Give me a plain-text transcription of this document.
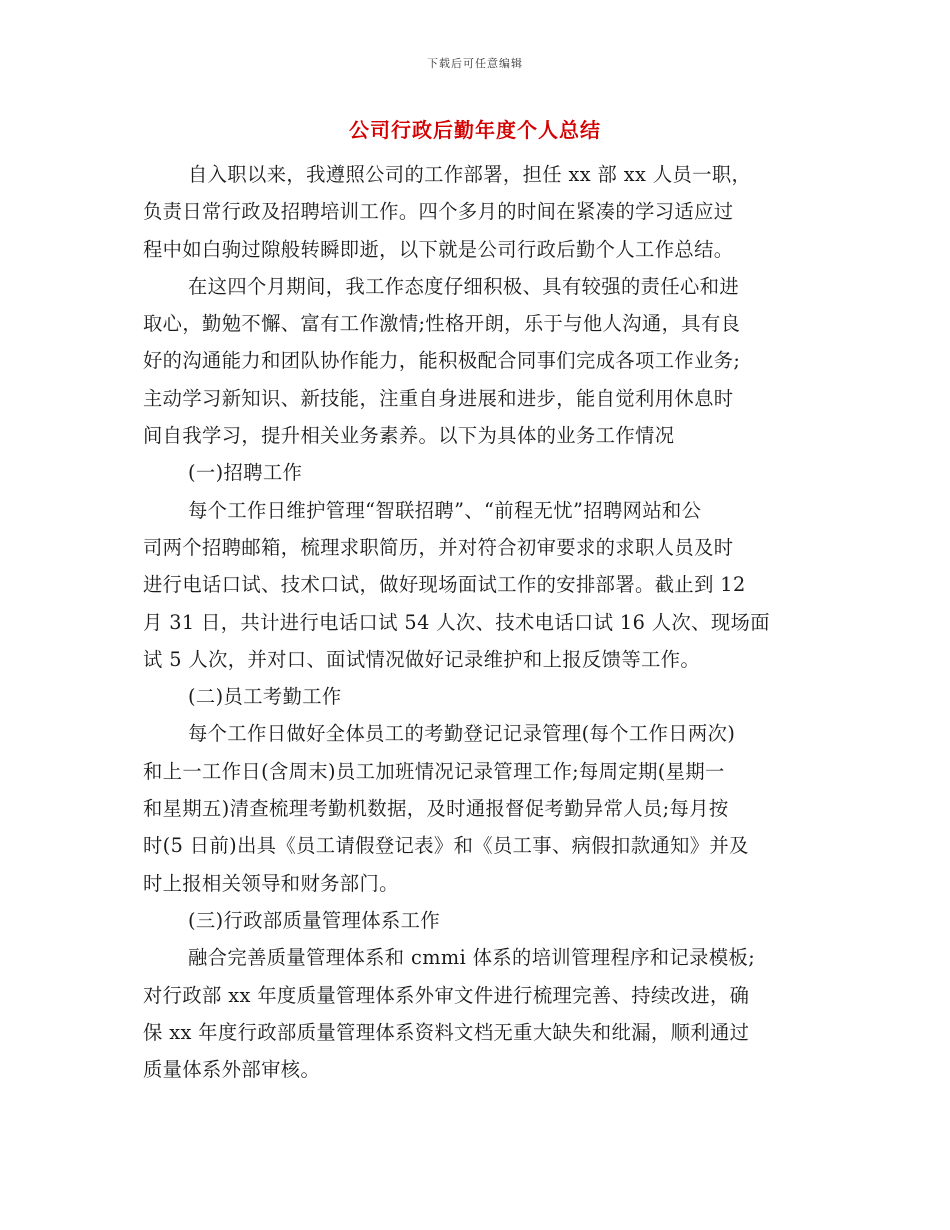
下载后可任意编辑
公司行政后勤年度个人总结
自入职以来，我遵照公司的工作部署，担任 xx 部 xx 人员一职，
负责日常行政及招聘培训工作。四个多月的时间在紧凑的学习适应过
程中如白驹过隙般转瞬即逝，以下就是公司行政后勤个人工作总结。
在这四个月期间，我工作态度仔细积极、具有较强的责任心和进
取心，勤勉不懈、富有工作激情;性格开朗，乐于与他人沟通，具有良
好的沟通能力和团队协作能力，能积极配合同事们完成各项工作业务;
主动学习新知识、新技能，注重自身进展和进步，能自觉利用休息时
间自我学习，提升相关业务素养。以下为具体的业务工作情况
(一)招聘工作
每个工作日维护管理“智联招聘”、“前程无忧”招聘网站和公
司两个招聘邮箱，梳理求职简历，并对符合初审要求的求职人员及时
进行电话口试、技术口试，做好现场面试工作的安排部署。截止到 12
月 31 日，共计进行电话口试 54 人次、技术电话口试 16 人次、现场面
试 5 人次，并对口、面试情况做好记录维护和上报反馈等工作。
(二)员工考勤工作
每个工作日做好全体员工的考勤登记记录管理(每个工作日两次)
和上一工作日(含周末)员工加班情况记录管理工作;每周定期(星期一
和星期五)清查梳理考勤机数据，及时通报督促考勤异常人员;每月按
时(5 日前)出具《员工请假登记表》和《员工事、病假扣款通知》并及
时上报相关领导和财务部门。
(三)行政部质量管理体系工作
融合完善质量管理体系和 cmmi 体系的培训管理程序和记录模板;
对行政部 xx 年度质量管理体系外审文件进行梳理完善、持续改进，确
保 xx 年度行政部质量管理体系资料文档无重大缺失和纰漏，顺利通过
质量体系外部审核。
